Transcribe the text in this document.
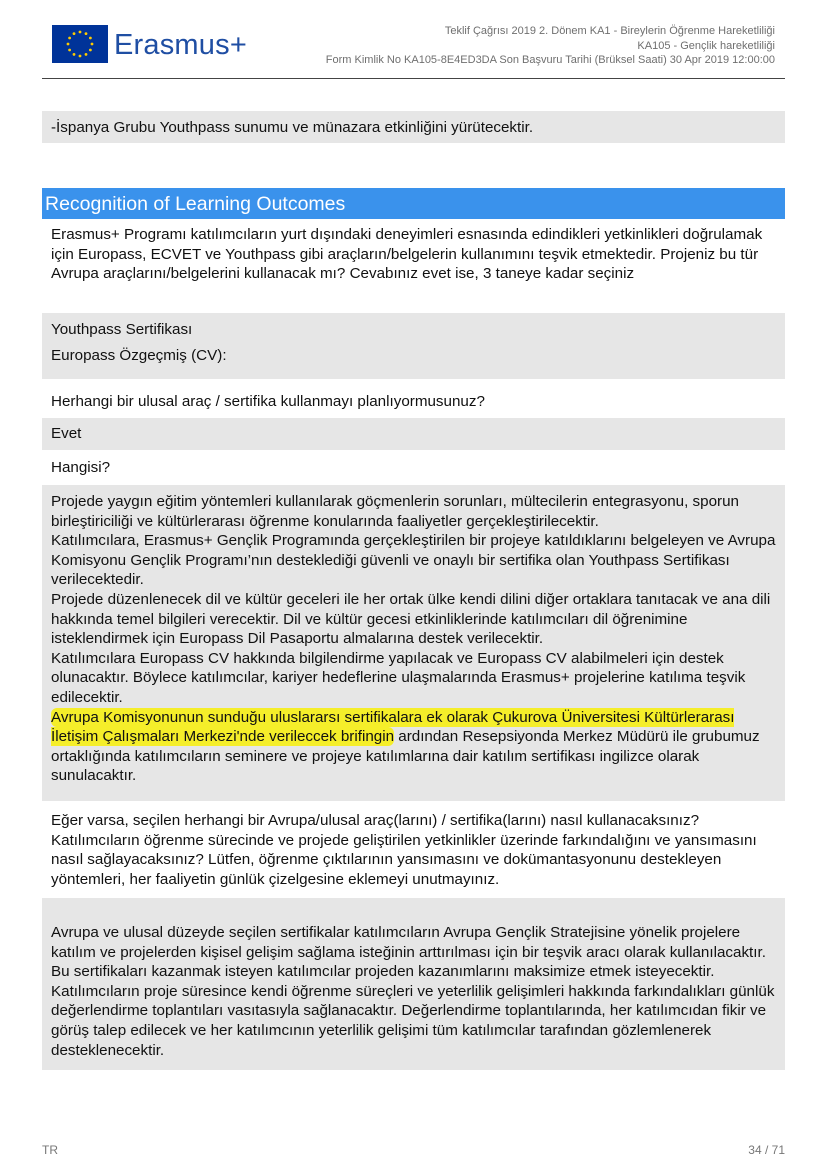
Erasmus+	Teklif Çağrısı 2019 2. Dönem KA1 - Bireylerin Öğrenme Hareketliliği
KA105 - Gençlik hareketliliği
Form Kimlik No KA105-8E4ED3DA Son Başvuru Tarihi (Brüksel Saati) 30 Apr 2019 12:00:00
-İspanya Grubu Youthpass sunumu ve münazara etkinliğini yürütecektir.
Recognition of Learning Outcomes
Erasmus+ Programı katılımcıların yurt dışındaki deneyimleri esnasında edindikleri yetkinlikleri doğrulamak için Europass, ECVET ve Youthpass gibi araçların/belgelerin kullanımını teşvik etmektedir. Projeniz bu tür Avrupa araçlarını/belgelerini kullanacak mı? Cevabınız evet ise, 3 taneye kadar seçiniz
Youthpass Sertifikası
Europass Özgeçmiş (CV):
Herhangi bir ulusal araç / sertifika kullanmayı planlıyormusunuz?
Evet
Hangisi?
Projede yaygın eğitim yöntemleri kullanılarak göçmenlerin sorunları, mültecilerin entegrasyonu, sporun birleştiriciliği ve kültürlerarası öğrenme konularında faaliyetler gerçekleştirilecektir.
Katılımcılara, Erasmus+ Gençlik Programında gerçekleştirilen bir projeye katıldıklarını belgeleyen ve Avrupa Komisyonu Gençlik Programı’nın desteklediği güvenli ve onaylı bir sertifika olan Youthpass Sertifikası verilecektedir.
Projede düzenlenecek dil ve kültür geceleri ile her ortak ülke kendi dilini diğer ortaklara tanıtacak ve ana dili hakkında temel bilgileri verecektir. Dil ve kültür gecesi etkinliklerinde katılımcıları dil öğrenimine isteklendirmek için Europass Dil Pasaportu almalarına destek verilecektir.
Katılımcılara Europass CV hakkında bilgilendirme yapılacak ve Europass CV alabilmeleri için destek olunacaktır. Böylece katılımcılar, kariyer hedeflerine ulaşmalarında Erasmus+ projelerine katılıma teşvik edilecektir.
Avrupa Komisyonunun sunduğu uluslararsı sertifikalara ek olarak Çukurova Üniversitesi Kültürlerarası İletişim Çalışmaları Merkezi'nde verileccek brifingin ardından Resepsiyonda Merkez Müdürü ile grubumuz ortaklığında katılımcıların seminere ve projeye katılımlarına dair katılım sertifikası ingilizce olarak sunulacaktır.
Eğer varsa, seçilen herhangi bir Avrupa/ulusal araç(larını) / sertifika(larını) nasıl kullanacaksınız? Katılımcıların öğrenme sürecinde ve projede geliştirilen yetkinlikler üzerinde farkındalığını ve yansımasını nasıl sağlayacaksınız? Lütfen, öğrenme çıktılarının yansımasını ve dokümantasyonunu destekleyen yöntemleri, her faaliyetin günlük çizelgesine eklemeyi unutmayınız.
Avrupa ve ulusal düzeyde seçilen sertifikalar katılımcıların Avrupa Gençlik Stratejisine yönelik projelere katılım ve projelerden kişisel gelişim sağlama isteğinin arttırılması için bir teşvik aracı olarak kullanılacaktır. Bu sertifikaları kazanmak isteyen katılımcılar projeden kazanımlarını maksimize etmek isteyecektir. Katılımcıların proje süresince kendi öğrenme süreçleri ve yeterlilik gelişimleri hakkında farkındalıkları günlük değerlendirme toplantıları vasıtasıyla sağlanacaktır. Değerlendirme toplantılarında, her katılımcıdan fikir ve görüş talep edilecek ve her katılımcının yeterlilik gelişimi tüm katılımcılar tarafından gözlemlenerek desteklenecektir.
TR	34 / 71
